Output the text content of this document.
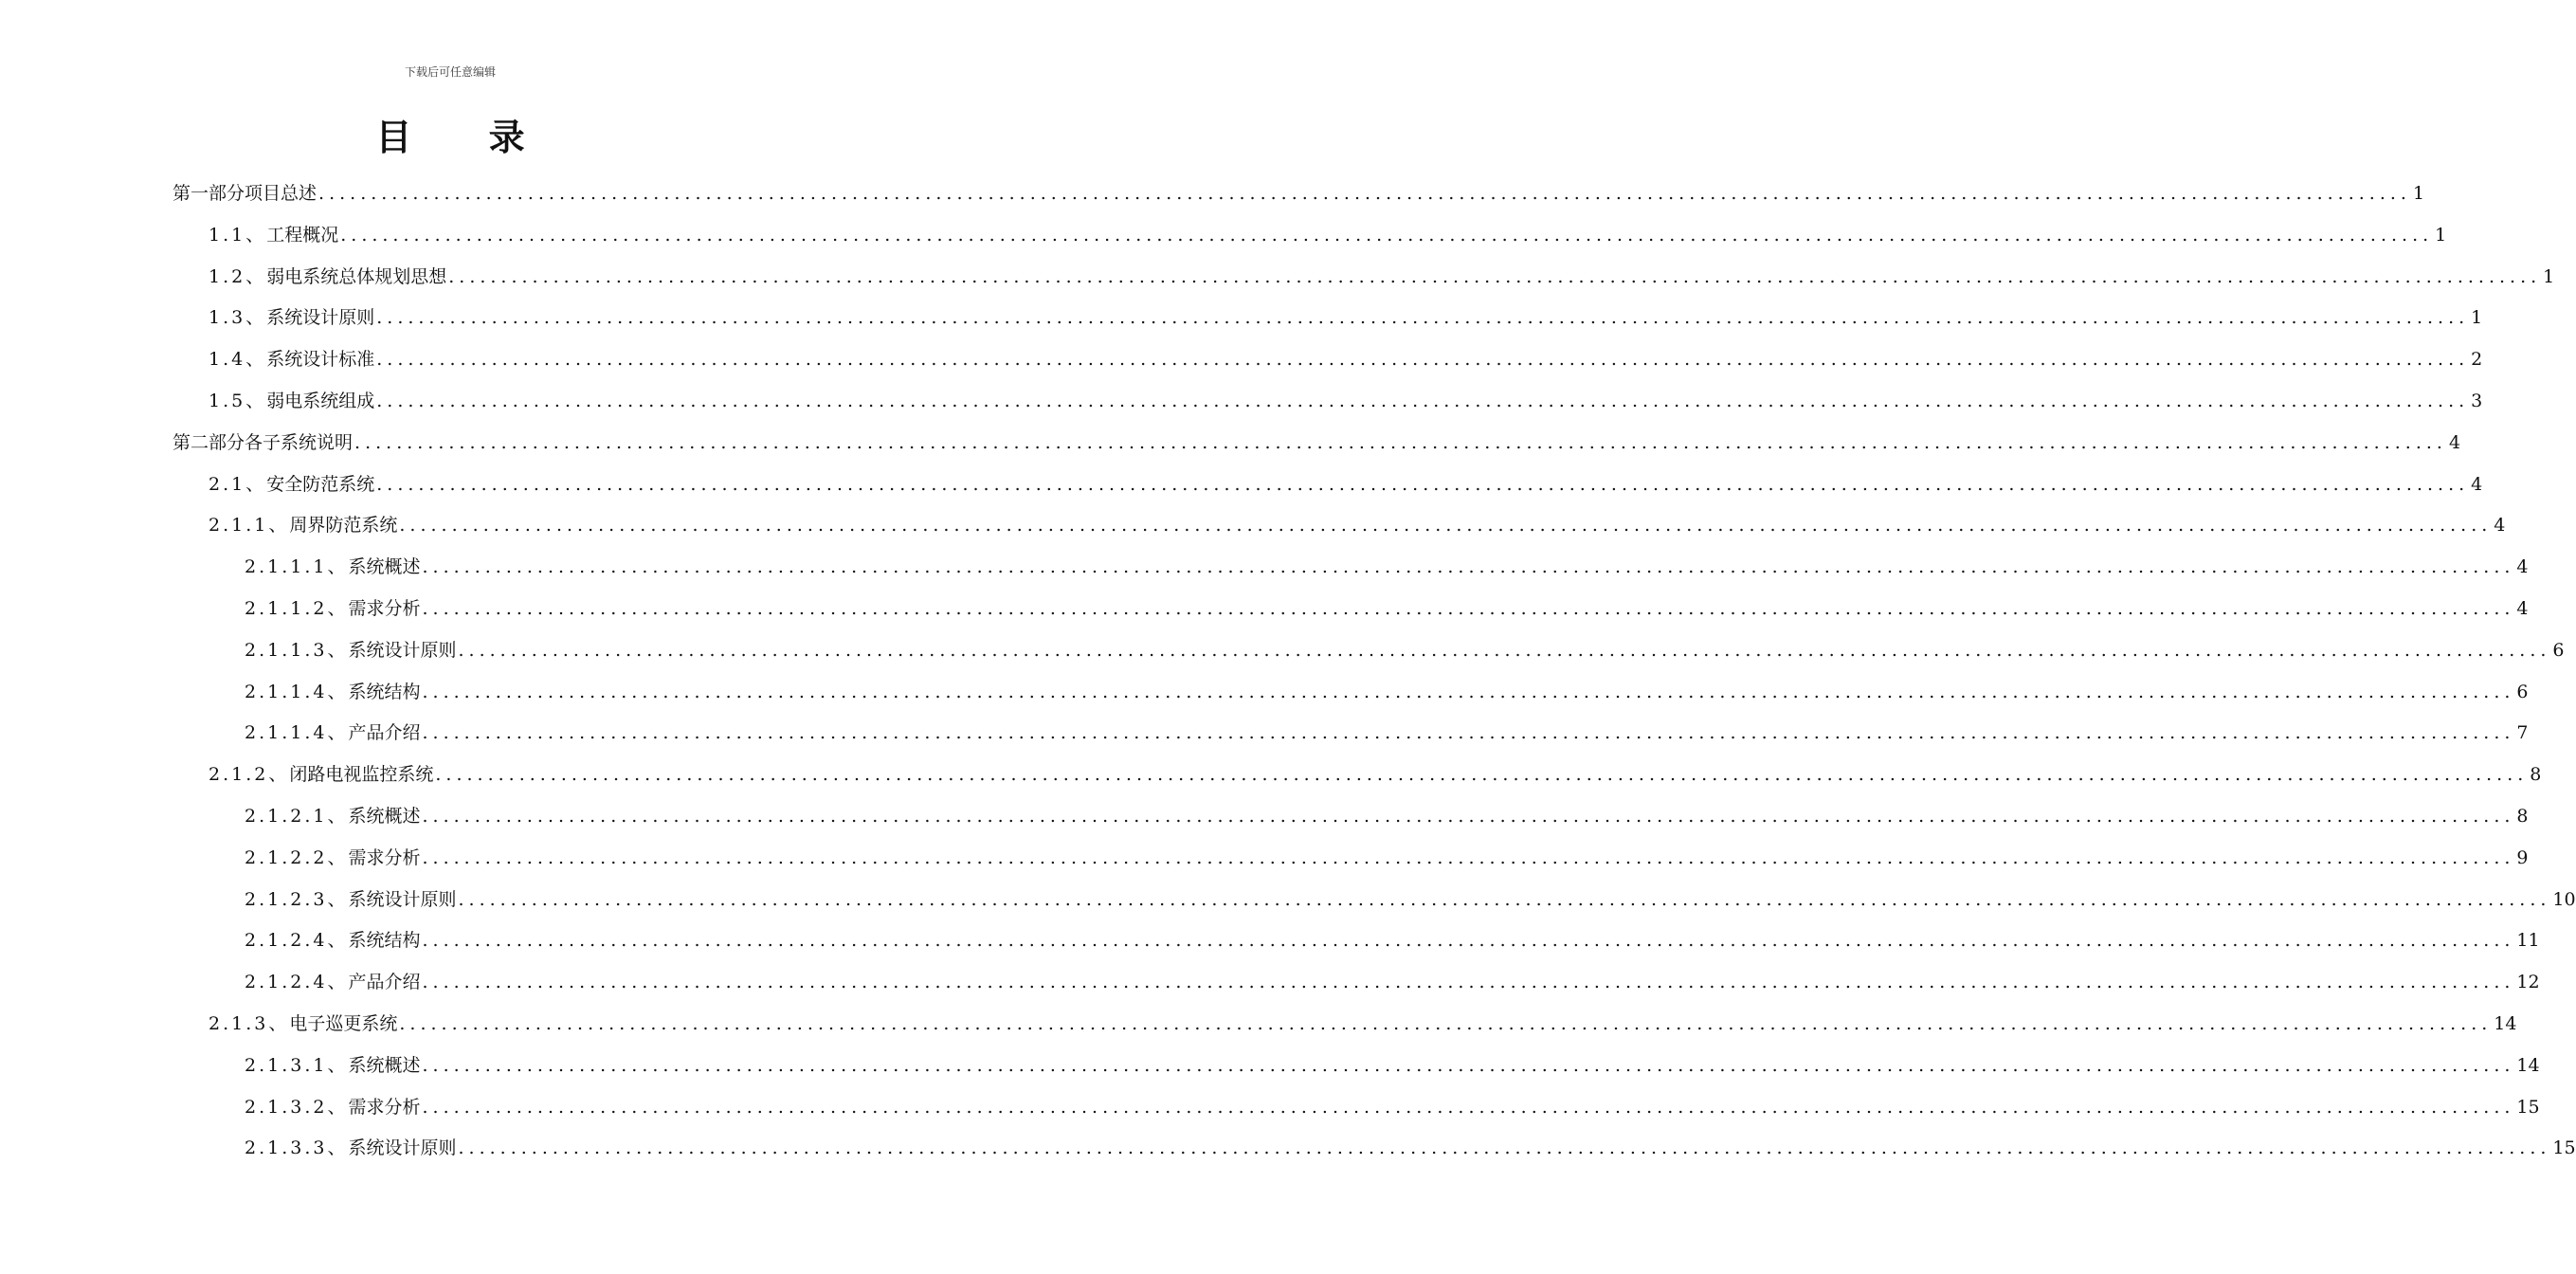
下载后可任意编辑
目 录
第一部分 项目总述 ........................................................................................................................................................................................................ 1
1.1、 工程概况 ........................................................................................................................................................................................................ 1
1.2、 弱电系统总体规划思想 ........................................................................................................................................................................................................ 1
1.3、 系统设计原则 ........................................................................................................................................................................................................ 1
1.4、 系统设计标准 ........................................................................................................................................................................................................ 2
1.5、 弱电系统组成 ........................................................................................................................................................................................................ 3
第二部分 各子系统说明 ........................................................................................................................................................................................................ 4
2.1、 安全防范系统 ........................................................................................................................................................................................................ 4
2.1.1、 周界防范系统 ........................................................................................................................................................................................................ 4
2.1.1.1、 系统概述 ........................................................................................................................................................................................................ 4
2.1.1.2、 需求分析 ........................................................................................................................................................................................................ 4
2.1.1.3、 系统设计原则 ........................................................................................................................................................................................................ 6
2.1.1.4、 系统结构 ........................................................................................................................................................................................................ 6
2.1.1.4、 产品介绍 ........................................................................................................................................................................................................ 7
2.1.2、 闭路电视监控系统 ........................................................................................................................................................................................................ 8
2.1.2.1、 系统概述 ........................................................................................................................................................................................................ 8
2.1.2.2、 需求分析 ........................................................................................................................................................................................................ 9
2.1.2.3、 系统设计原则 ........................................................................................................................................................................................................ 10
2.1.2.4、 系统结构 ........................................................................................................................................................................................................ 11
2.1.2.4、 产品介绍 ........................................................................................................................................................................................................ 12
2.1.3、 电子巡更系统 ........................................................................................................................................................................................................ 14
2.1.3.1、 系统概述 ........................................................................................................................................................................................................ 14
2.1.3.2、 需求分析 ........................................................................................................................................................................................................ 15
2.1.3.3、 系统设计原则 ........................................................................................................................................................................................................ 15
